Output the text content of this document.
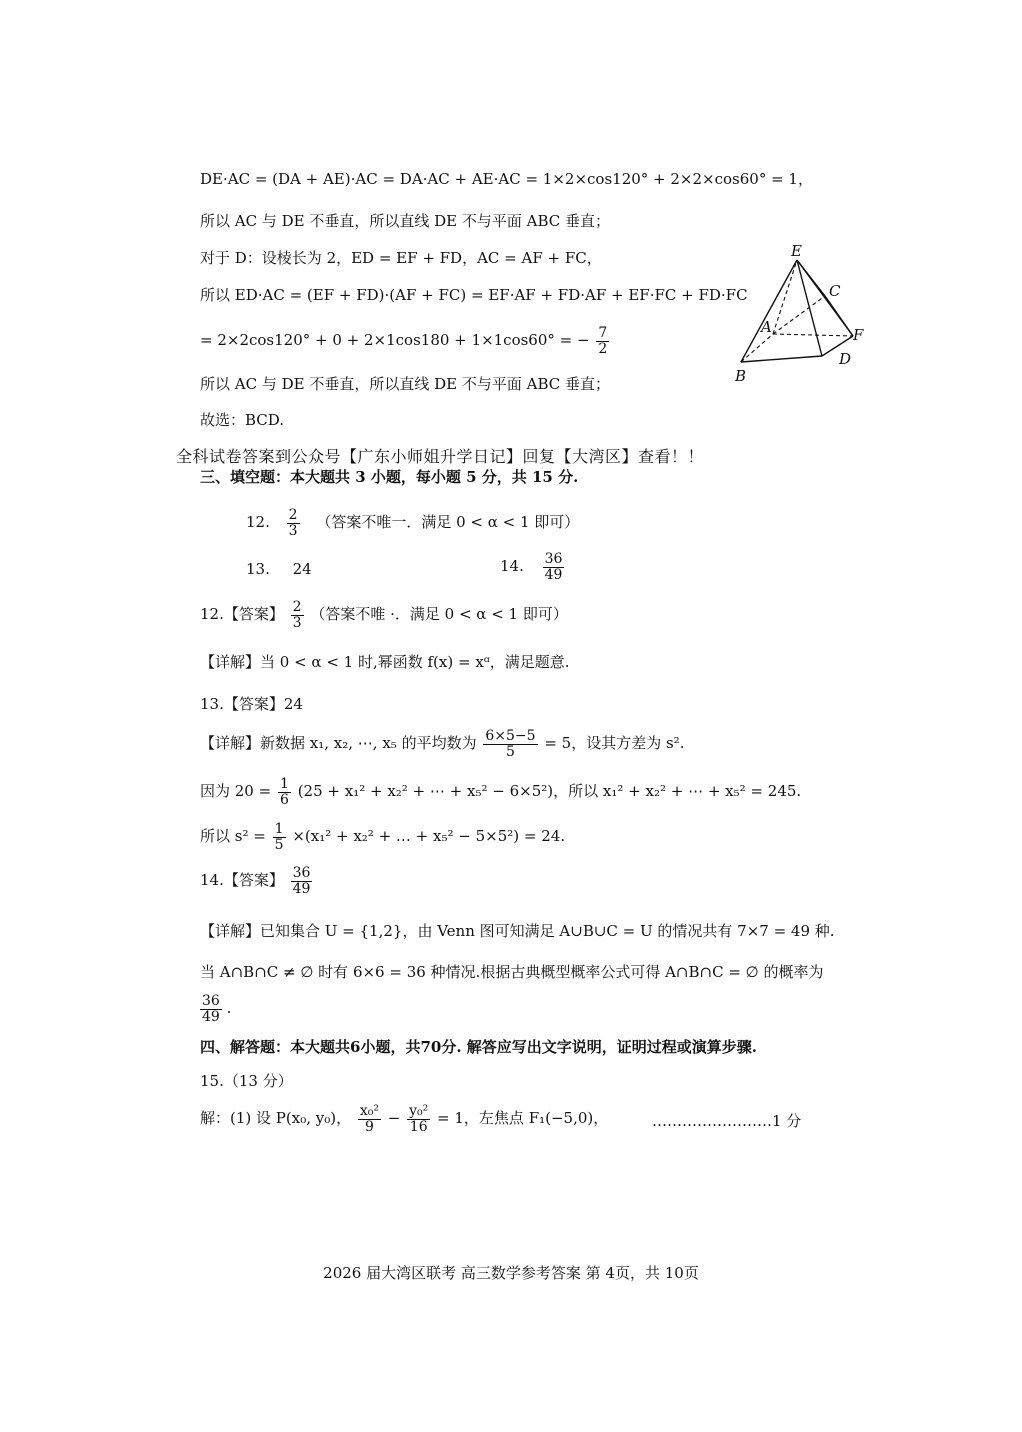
DE·AC = (DA + AE)·AC = DA·AC + AE·AC = 1×2×cos120° + 2×2×cos60° = 1，
所以 AC 与 DE 不垂直，所以直线 DE 不与平面 ABC 垂直；
对于 D：设棱长为 2，ED = EF + FD，AC = AF + FC，
所以 ED·AC = (EF + FD)·(AF + FC) = EF·AF + FD·AF + EF·FC + FD·FC
= 2×2cos120° + 0 + 2×1cos180 + 1×1cos60° = − $\frac{7}{2}$
所以 AC 与 DE 不垂直，所以直线 DE 不与平面 ABC 垂直；
故选：BCD.
E
C
A	F
D
B
全科试卷答案到公众号【广东小师姐升学日记】回复【大湾区】查看！！
三、填空题：本大题共 3 小题，每小题 5 分，共 15 分.
12. $\frac{2}{3}$ （答案不唯一．满足 0 < α < 1 即可）
13. 24	14. $\frac{36}{49}$
12.【答案】 $\frac{2}{3}$ （答案不唯 ·．满足 0 < α < 1 即可）
【详解】当 0 < α < 1 时,幂函数 f(x) = xᵅ，满足题意.
13.【答案】24
【详解】新数据 x₁, x₂, ⋯, x₅ 的平均数为 $\frac{6\times 5-5}{5} = 5$，设其方差为 s².
因为 $20 = \frac{1}{6} (25 + x_1^2 + x_2^2$ + ⋯ + x₅² − 6×5²)，所以 x₁² + x₂² + ⋯ + x₅² = 245.
所以 $s^2 = \frac{1}{5} \times(x_1^2 + x_2^2$ + … + x₅² − 5×5²) = 24.
14.【答案】 $\frac{36}{49}$
【详解】已知集合 U = {1,2}，由 Venn 图可知满足 A∪B∪C = U 的情况共有 7×7 = 49 种.
当 A∩B∩C ≠ ∅ 时有 6×6 = 36 种情况.根据古典概型概率公式可得 A∩B∩C = ∅ 的概率为
$\frac{36}{49}$ .
四、解答题：本大题共6小题，共70分. 解答应写出文字说明，证明过程或演算步骤.
15.（13 分）
解：(1) 设 P(x₀, y₀)， $\frac{\text{x₀²}}{9} - \frac{\text{y₀²}}{16} = 1$，左焦点 F₁(−5,0)，	……………………1 分
2026 届大湾区联考 高三数学参考答案 第 4页，共 10页
